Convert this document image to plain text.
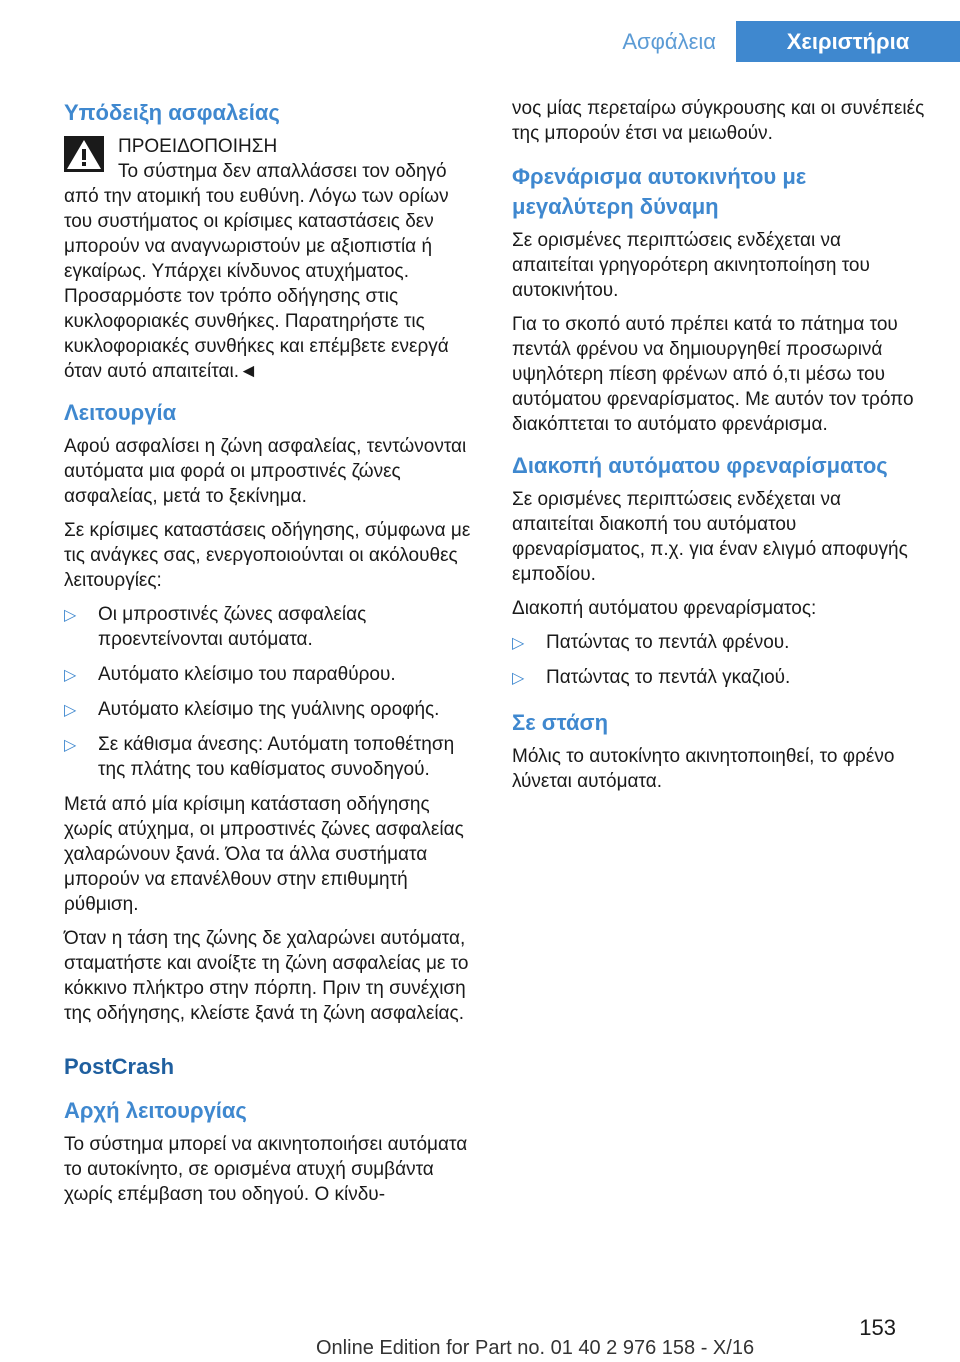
Ασφάλεια	Χειριστήρια
Υπόδειξη ασφαλείας
ΠΡΟΕΙΔΟΠΟΙΗΣΗ

Το σύστημα δεν απαλλάσσει τον οδηγό από την ατομική του ευθύνη. Λόγω των ορίων του συστήματος οι κρίσιμες καταστάσεις δεν μπορούν να αναγνωριστούν με αξιοπιστία ή εγκαίρως. Υπάρχει κίνδυνος ατυχήματος. Προσαρμόστε τον τρόπο οδήγησης στις κυκλοφοριακές συνθήκες. Παρατηρήστε τις κυκλοφοριακές συνθήκες και επέμβετε ενεργά όταν αυτό απαιτείται.◄

Λειτουργία

Αφού ασφαλίσει η ζώνη ασφαλείας, τεντώνονται αυτόματα μια φορά οι μπροστινές ζώνες ασφαλείας, μετά το ξεκίνημα.

Σε κρίσιμες καταστάσεις οδήγησης, σύμφωνα με τις ανάγκες σας, ενεργοποιούνται οι ακόλουθες λειτουργίες:

▷ Οι μπροστινές ζώνες ασφαλείας προεντείνονται αυτόματα.
▷ Αυτόματο κλείσιμο του παραθύρου.
▷ Αυτόματο κλείσιμο της γυάλινης οροφής.
▷ Σε κάθισμα άνεσης: Αυτόματη τοποθέτηση της πλάτης του καθίσματος συνοδηγού.

Μετά από μία κρίσιμη κατάσταση οδήγησης χωρίς ατύχημα, οι μπροστινές ζώνες ασφαλείας χαλαρώνουν ξανά. Όλα τα άλλα συστήματα μπορούν να επανέλθουν στην επιθυμητή ρύθμιση.

Όταν η τάση της ζώνης δε χαλαρώνει αυτόματα, σταματήστε και ανοίξτε τη ζώνη ασφαλείας με το κόκκινο πλήκτρο στην πόρπη. Πριν τη συνέχιση της οδήγησης, κλείστε ξανά τη ζώνη ασφαλείας.

PostCrash
Αρχή λειτουργίας

Το σύστημα μπορεί να ακινητοποιήσει αυτόματα το αυτοκίνητο, σε ορισμένα ατυχή συμβάντα χωρίς επέμβαση του οδηγού. Ο κίνδυ-

νος μίας περεταίρω σύγκρουσης και οι συνέπειές της μπορούν έτσι να μειωθούν.

Φρενάρισμα αυτοκινήτου με μεγαλύτερη δύναμη

Σε ορισμένες περιπτώσεις ενδέχεται να απαιτείται γρηγορότερη ακινητοποίηση του αυτοκινήτου.

Για το σκοπό αυτό πρέπει κατά το πάτημα του πεντάλ φρένου να δημιουργηθεί προσωρινά υψηλότερη πίεση φρένων από ό,τι μέσω του αυτόματου φρεναρίσματος. Με αυτόν τον τρόπο διακόπτεται το αυτόματο φρενάρισμα.

Διακοπή αυτόματου φρεναρίσματος

Σε ορισμένες περιπτώσεις ενδέχεται να απαιτείται διακοπή του αυτόματου φρεναρίσματος, π.χ. για έναν ελιγμό αποφυγής εμποδίου.

Διακοπή αυτόματου φρεναρίσματος:

▷ Πατώντας το πεντάλ φρένου.
▷ Πατώντας το πεντάλ γκαζιού.
Σε στάση

Μόλις το αυτοκίνητο ακινητοποιηθεί, το φρένο λύνεται αυτόματα.

153
Online Edition for Part no. 01 40 2 976 158 - X/16
